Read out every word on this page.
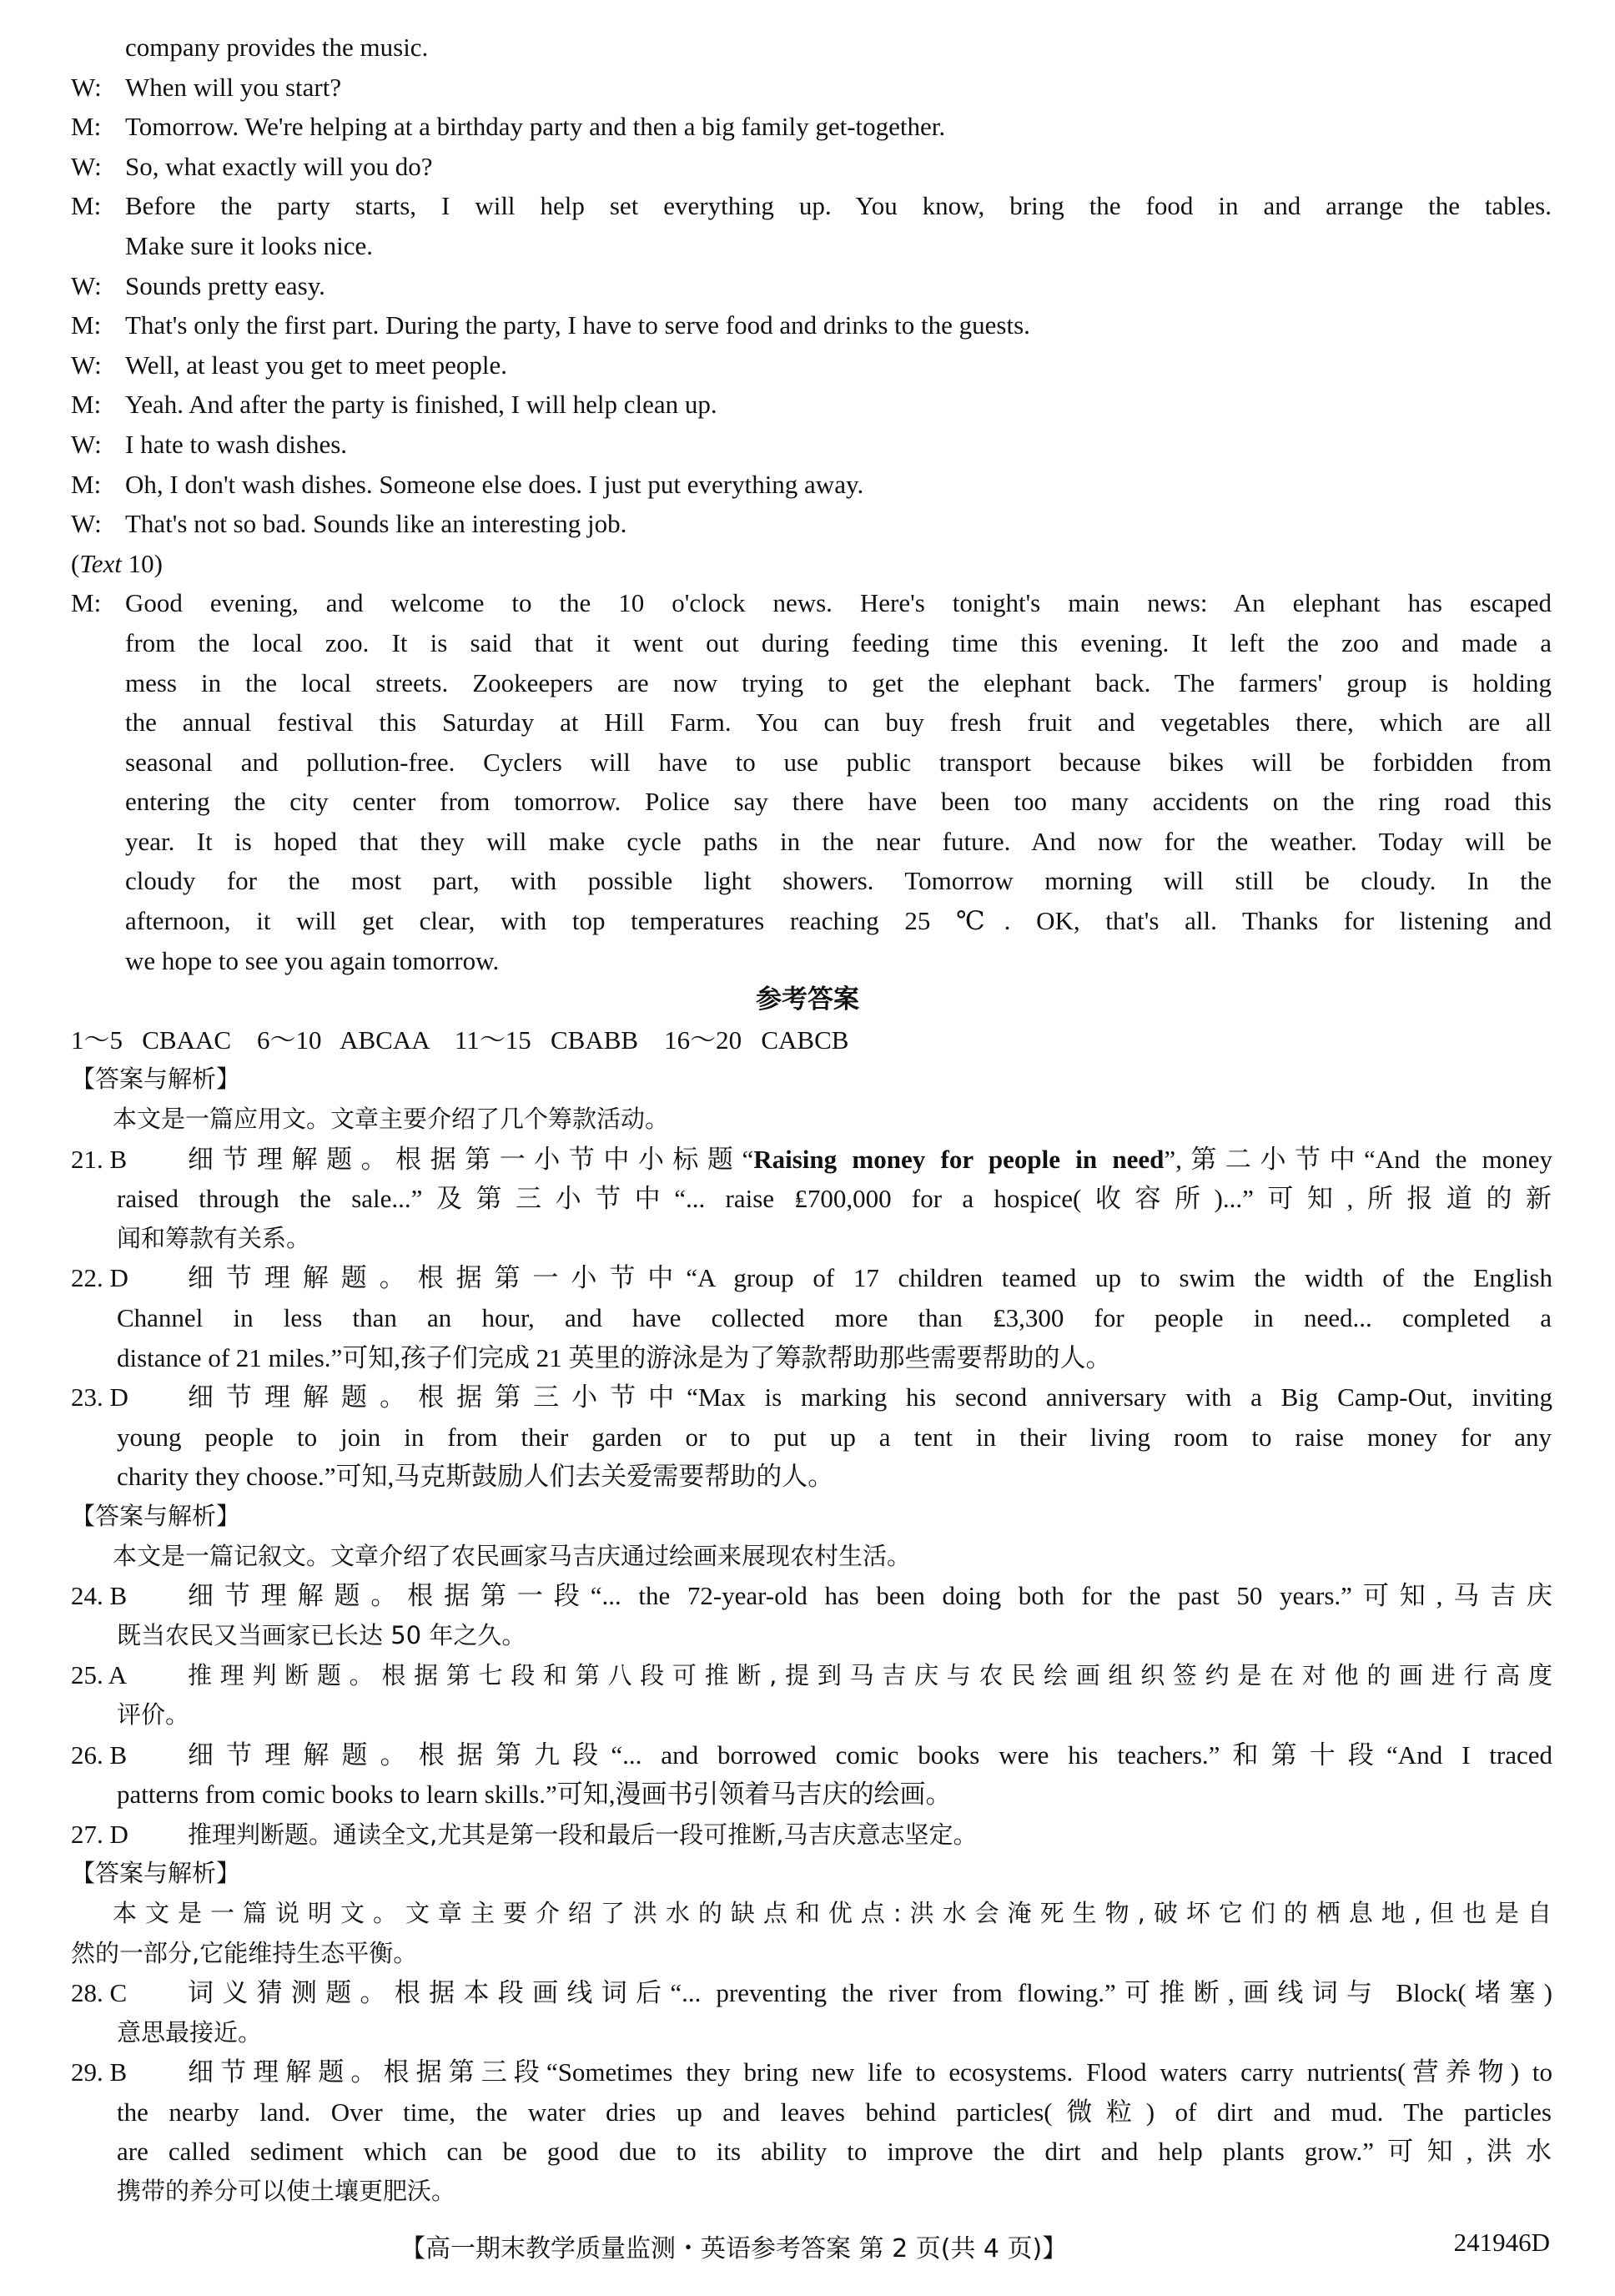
company provides the music.
W: When will you start?
M: Tomorrow. We're helping at a birthday party and then a big family get-together.
W: So, what exactly will you do?
M: Before the party starts, I will help set everything up. You know, bring the food in and arrange the tables.
Make sure it looks nice.
W: Sounds pretty easy.
M: That's only the first part. During the party, I have to serve food and drinks to the guests.
W: Well, at least you get to meet people.
M: Yeah. And after the party is finished, I will help clean up.
W: I hate to wash dishes.
M: Oh, I don't wash dishes. Someone else does. I just put everything away.
W: That's not so bad. Sounds like an interesting job.
(Text 10)
M: Good evening, and welcome to the 10 o'clock news. Here's tonight's main news: An elephant has escaped
from the local zoo. It is said that it went out during feeding time this evening. It left the zoo and made a
mess in the local streets. Zookeepers are now trying to get the elephant back. The farmers' group is holding
the annual festival this Saturday at Hill Farm. You can buy fresh fruit and vegetables there, which are all
seasonal and pollution-free. Cyclers will have to use public transport because bikes will be forbidden from
entering the city center from tomorrow. Police say there have been too many accidents on the ring road this
year. It is hoped that they will make cycle paths in the near future. And now for the weather. Today will be
cloudy for the most part, with possible light showers. Tomorrow morning will still be cloudy. In the
afternoon, it will get clear, with top temperatures reaching 25 ℃. OK, that's all. Thanks for listening and
we hope to see you again tomorrow.
参考答案
1～5   CBAAC    6～10   ABCAA    11～15   CBABB    16～20   CABCB
【答案与解析】
本文是一篇应用文。文章主要介绍了几个筹款活动。
21. B 细节理解题。根据第一小节中小标题“Raising money for people in need”,第二小节中“And the money
raised through the sale...”及第三小节中“... raise ₤700,000 for a hospice(收容所)...”可知,所报道的新
闻和筹款有关系。
22. D 细节理解题。根据第一小节中“A group of 17 children teamed up to swim the width of the English
Channel in less than an hour, and have collected more than ₤3,300 for people in need... completed a
distance of 21 miles.”可知,孩子们完成 21 英里的游泳是为了筹款帮助那些需要帮助的人。
23. D 细节理解题。根据第三小节中“Max is marking his second anniversary with a Big Camp-Out, inviting
young people to join in from their garden or to put up a tent in their living room to raise money for any
charity they choose.”可知,马克斯鼓励人们去关爱需要帮助的人。
【答案与解析】
本文是一篇记叙文。文章介绍了农民画家马吉庆通过绘画来展现农村生活。
24. B 细节理解题。根据第一段“... the 72-year-old has been doing both for the past 50 years.”可知,马吉庆
既当农民又当画家已长达 50 年之久。
25. A	推理判断题。根据第七段和第八段可推断,提到马吉庆与农民绘画组织签约是在对他的画进行高度
评价。
26. B 细节理解题。根据第九段“... and borrowed comic books were his teachers.”和第十段“And I traced
patterns from comic books to learn skills.”可知,漫画书引领着马吉庆的绘画。
27. D 推理判断题。通读全文,尤其是第一段和最后一段可推断,马吉庆意志坚定。
【答案与解析】
本文是一篇说明文。文章主要介绍了洪水的缺点和优点:洪水会淹死生物,破坏它们的栖息地,但也是自
然的一部分,它能维持生态平衡。
28. C 词义猜测题。根据本段画线词后“... preventing the river from flowing.”可推断,画线词与 Block(堵塞)
意思最接近。
29. B 细节理解题。根据第三段“Sometimes they bring new life to ecosystems. Flood waters carry nutrients(营养物) to
the nearby land. Over time, the water dries up and leaves behind particles(微粒) of dirt and mud. The particles
are called sediment which can be good due to its ability to improve the dirt and help plants grow.”可知,洪水
携带的养分可以使土壤更肥沃。
【高一期末教学质量监测・英语参考答案 第 2 页(共 4 页)】	241946D
